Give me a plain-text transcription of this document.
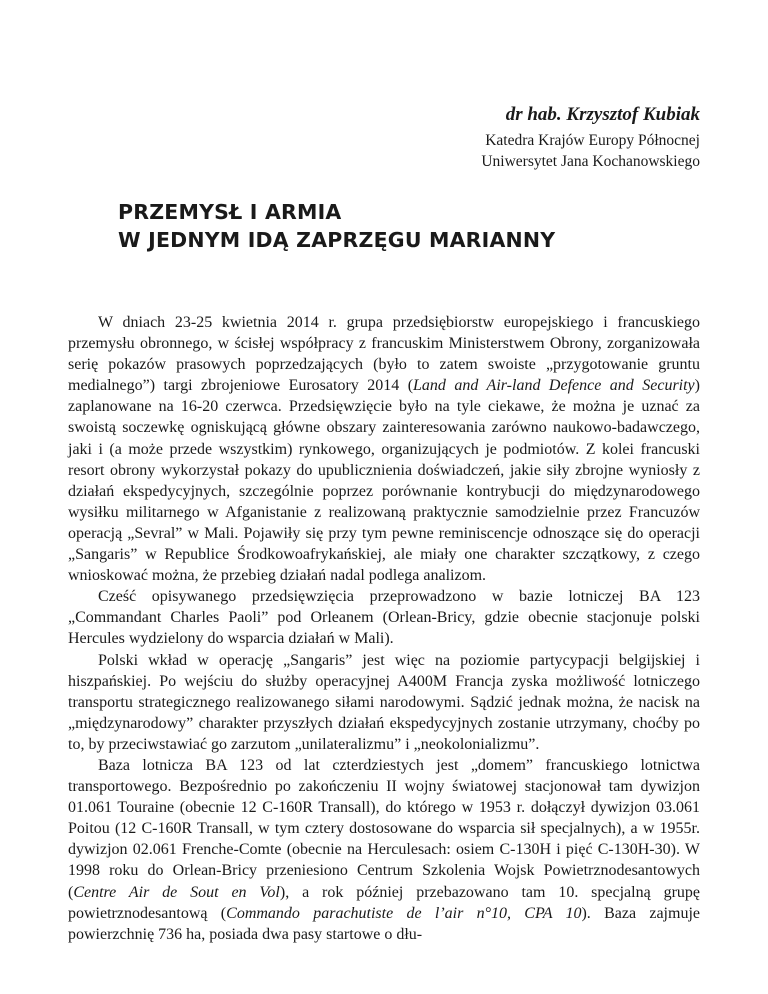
dr hab. Krzysztof Kubiak
Katedra Krajów Europy Północnej
Uniwersytet Jana Kochanowskiego
PRZEMYSŁ I ARMIA
W JEDNYM IDĄ ZAPRZĘGU MARIANNY

W dniach 23-25 kwietnia 2014 r. grupa przedsiębiorstw europejskiego i francuskiego przemysłu obronnego, w ścisłej współpracy z francuskim Ministerstwem Obrony, zorganizowała serię pokazów prasowych poprzedzających (było to zatem swoiste „przygotowanie gruntu medialnego”) targi zbrojeniowe Eurosatory 2014 (Land and Air-land Defence and Security) zaplanowane na 16-20 czerwca. Przedsięwzięcie było na tyle ciekawe, że można je uznać za swoistą soczewkę ogniskującą główne obszary zainteresowania zarówno naukowo-badawczego, jaki i (a może przede wszystkim) rynkowego, organizujących je podmiotów. Z kolei francuski resort obrony wykorzystał pokazy do upublicznienia doświadczeń, jakie siły zbrojne wyniosły z działań ekspedycyjnych, szczególnie poprzez porównanie kontrybucji do międzynarodowego wysiłku militarnego w Afganistanie z realizowaną praktycznie samodzielnie przez Francuzów operacją „Sevral” w Mali. Pojawiły się przy tym pewne reminiscencje odnoszące się do operacji „Sangaris” w Republice Środkowoafrykańskiej, ale miały one charakter szczątkowy, z czego wnioskować można, że przebieg działań nadal podlega analizom.

Cześć opisywanego przedsięwzięcia przeprowadzono w bazie lotniczej BA 123 „Commandant Charles Paoli” pod Orleanem (Orlean-Bricy, gdzie obecnie stacjonuje polski Hercules wydzielony do wsparcia działań w Mali).

Polski wkład w operację „Sangaris” jest więc na poziomie partycypacji belgijskiej i hiszpańskiej. Po wejściu do służby operacyjnej A400M Francja zyska możliwość lotniczego transportu strategicznego realizowanego siłami narodowymi. Sądzić jednak można, że nacisk na „międzynarodowy” charakter przyszłych działań ekspedycyjnych zostanie utrzymany, choćby po to, by przeciwstawiać go zarzutom „unilateralizmu” i „neokolonializmu”.

Baza lotnicza BA 123 od lat czterdziestych jest „domem” francuskiego lotnictwa transportowego. Bezpośrednio po zakończeniu II wojny światowej stacjonował tam dywizjon 01.061 Touraine (obecnie 12 C-160R Transall), do którego w 1953 r. dołączył dywizjon 03.061 Poitou (12 C-160R Transall, w tym cztery dostosowane do wsparcia sił specjalnych), a w 1955r. dywizjon 02.061 Frenche-Comte (obecnie na Herculesach: osiem C-130H i pięć C-130H-30). W 1998 roku do Orlean-Bricy przeniesiono Centrum Szkolenia Wojsk Powietrznodesantowych (Centre Air de Sout en Vol), a rok później przebazowano tam 10. specjalną grupę powietrznodesantową (Commando parachutiste de l’air n°10, CPA 10). Baza zajmuje powierzchnię 736 ha, posiada dwa pasy startowe o dłu-
